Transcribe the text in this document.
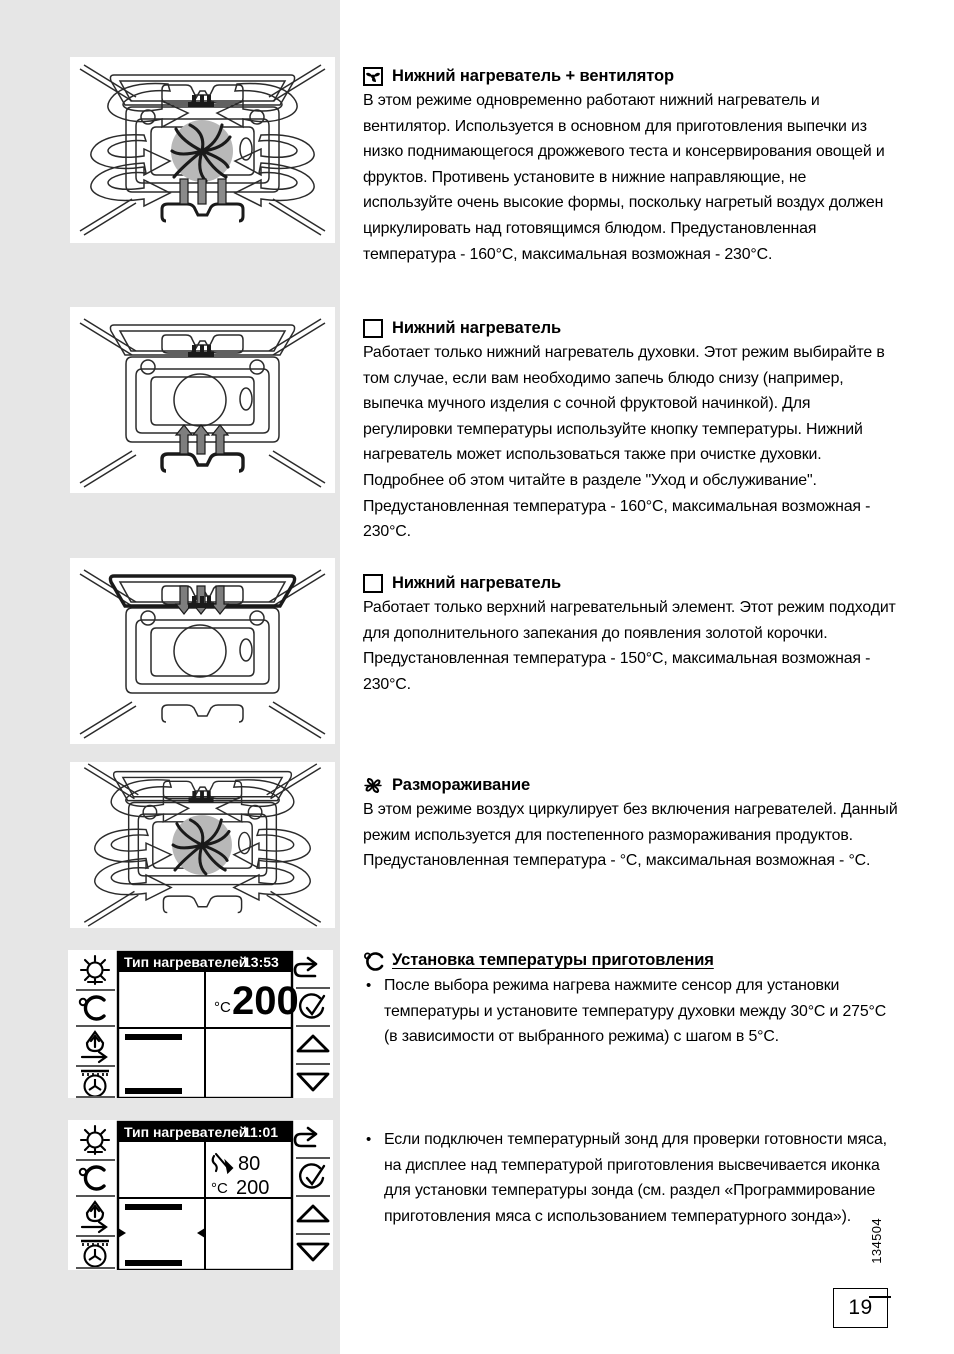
Тип нагревателей
13:53
°C 200
Тип нагревателей
11:01
80
°C 200
Нижний нагреватель + вентилятор

В этом режиме одновременно работают нижний нагреватель и вентилятор. Используется в основном для приготовления выпечки из низко поднимающегося дрожжевого теста и консервирования овощей и фруктов. Противень установите в нижние направляющие, не используйте очень высокие формы, поскольку нагретый воздух должен циркулировать над готовящимся блюдом. Предустановленная температура - 160°C, максимальная возможная - 230°C.

Нижний нагреватель

Работает только нижний нагреватель духовки. Этот режим выбирайте в том случае, если вам необходимо запечь блюдо снизу (например, выпечка мучного изделия с сочной фруктовой начинкой). Для регулировки температуры используйте кнопку температуры. Нижний нагреватель может использоваться также при очистке духовки. Подробнее об этом читайте в разделе "Уход и обслуживание". Предустановленная температура - 160°C, максимальная возможная - 230°C.

Нижний нагреватель

Работает только верхний нагревательный элемент. Этот режим подходит для дополнительного запекания до появления золотой корочки. Предустановленная температура - 150°C, максимальная возможная - 230°C.

Размораживание

В этом режиме воздух циркулирует без включения нагревателей. Данный режим используется для постепенного размораживания продуктов. Предустановленная температура - °C, максимальная возможная - °C.

Установка температуры приготовления
• После выбора режима нагрева нажмите сенсор для установки температуры и установите температуру духовки между 30°C и 275°C (в зависимости от выбранного режима) с шагом в 5°C.
• Если подключен температурный зонд для проверки готовности мяса, на дисплее над температурой приготовления высвечивается иконка для установки температуры зонда (см. раздел «Программирование приготовления мяса с использованием температурного зонда»).
134504
19
